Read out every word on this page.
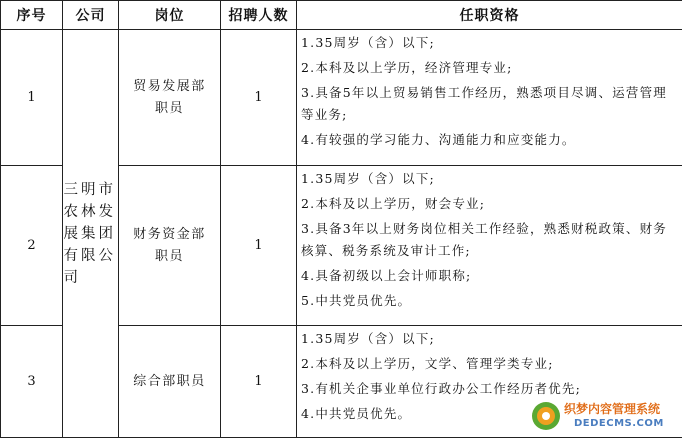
序号	公司	岗位	招聘人数	任职资格
1	三明市农林发展集团有限公司	贸易发展部职员	1	1.35周岁（含）以下;
2.本科及以上学历，经济管理专业;
3.具备5年以上贸易销售工作经历，熟悉项目尽调、运营管理等业务;
4.有较强的学习能力、沟通能力和应变能力。

2		财务资金部职员	1	1.35周岁（含）以下;
2.本科及以上学历，财会专业;
3.具备3年以上财务岗位相关工作经验，熟悉财税政策、财务核算、税务系统及审计工作;
4.具备初级以上会计师职称;
5.中共党员优先。

3		综合部职员	1	1.35周岁（含）以下;
2.本科及以上学历，文学、管理学类专业;
3.有机关企事业单位行政办公工作经历者优先;
4.中共党员优先。	织梦内容管理系统
DEDECMS.COM
